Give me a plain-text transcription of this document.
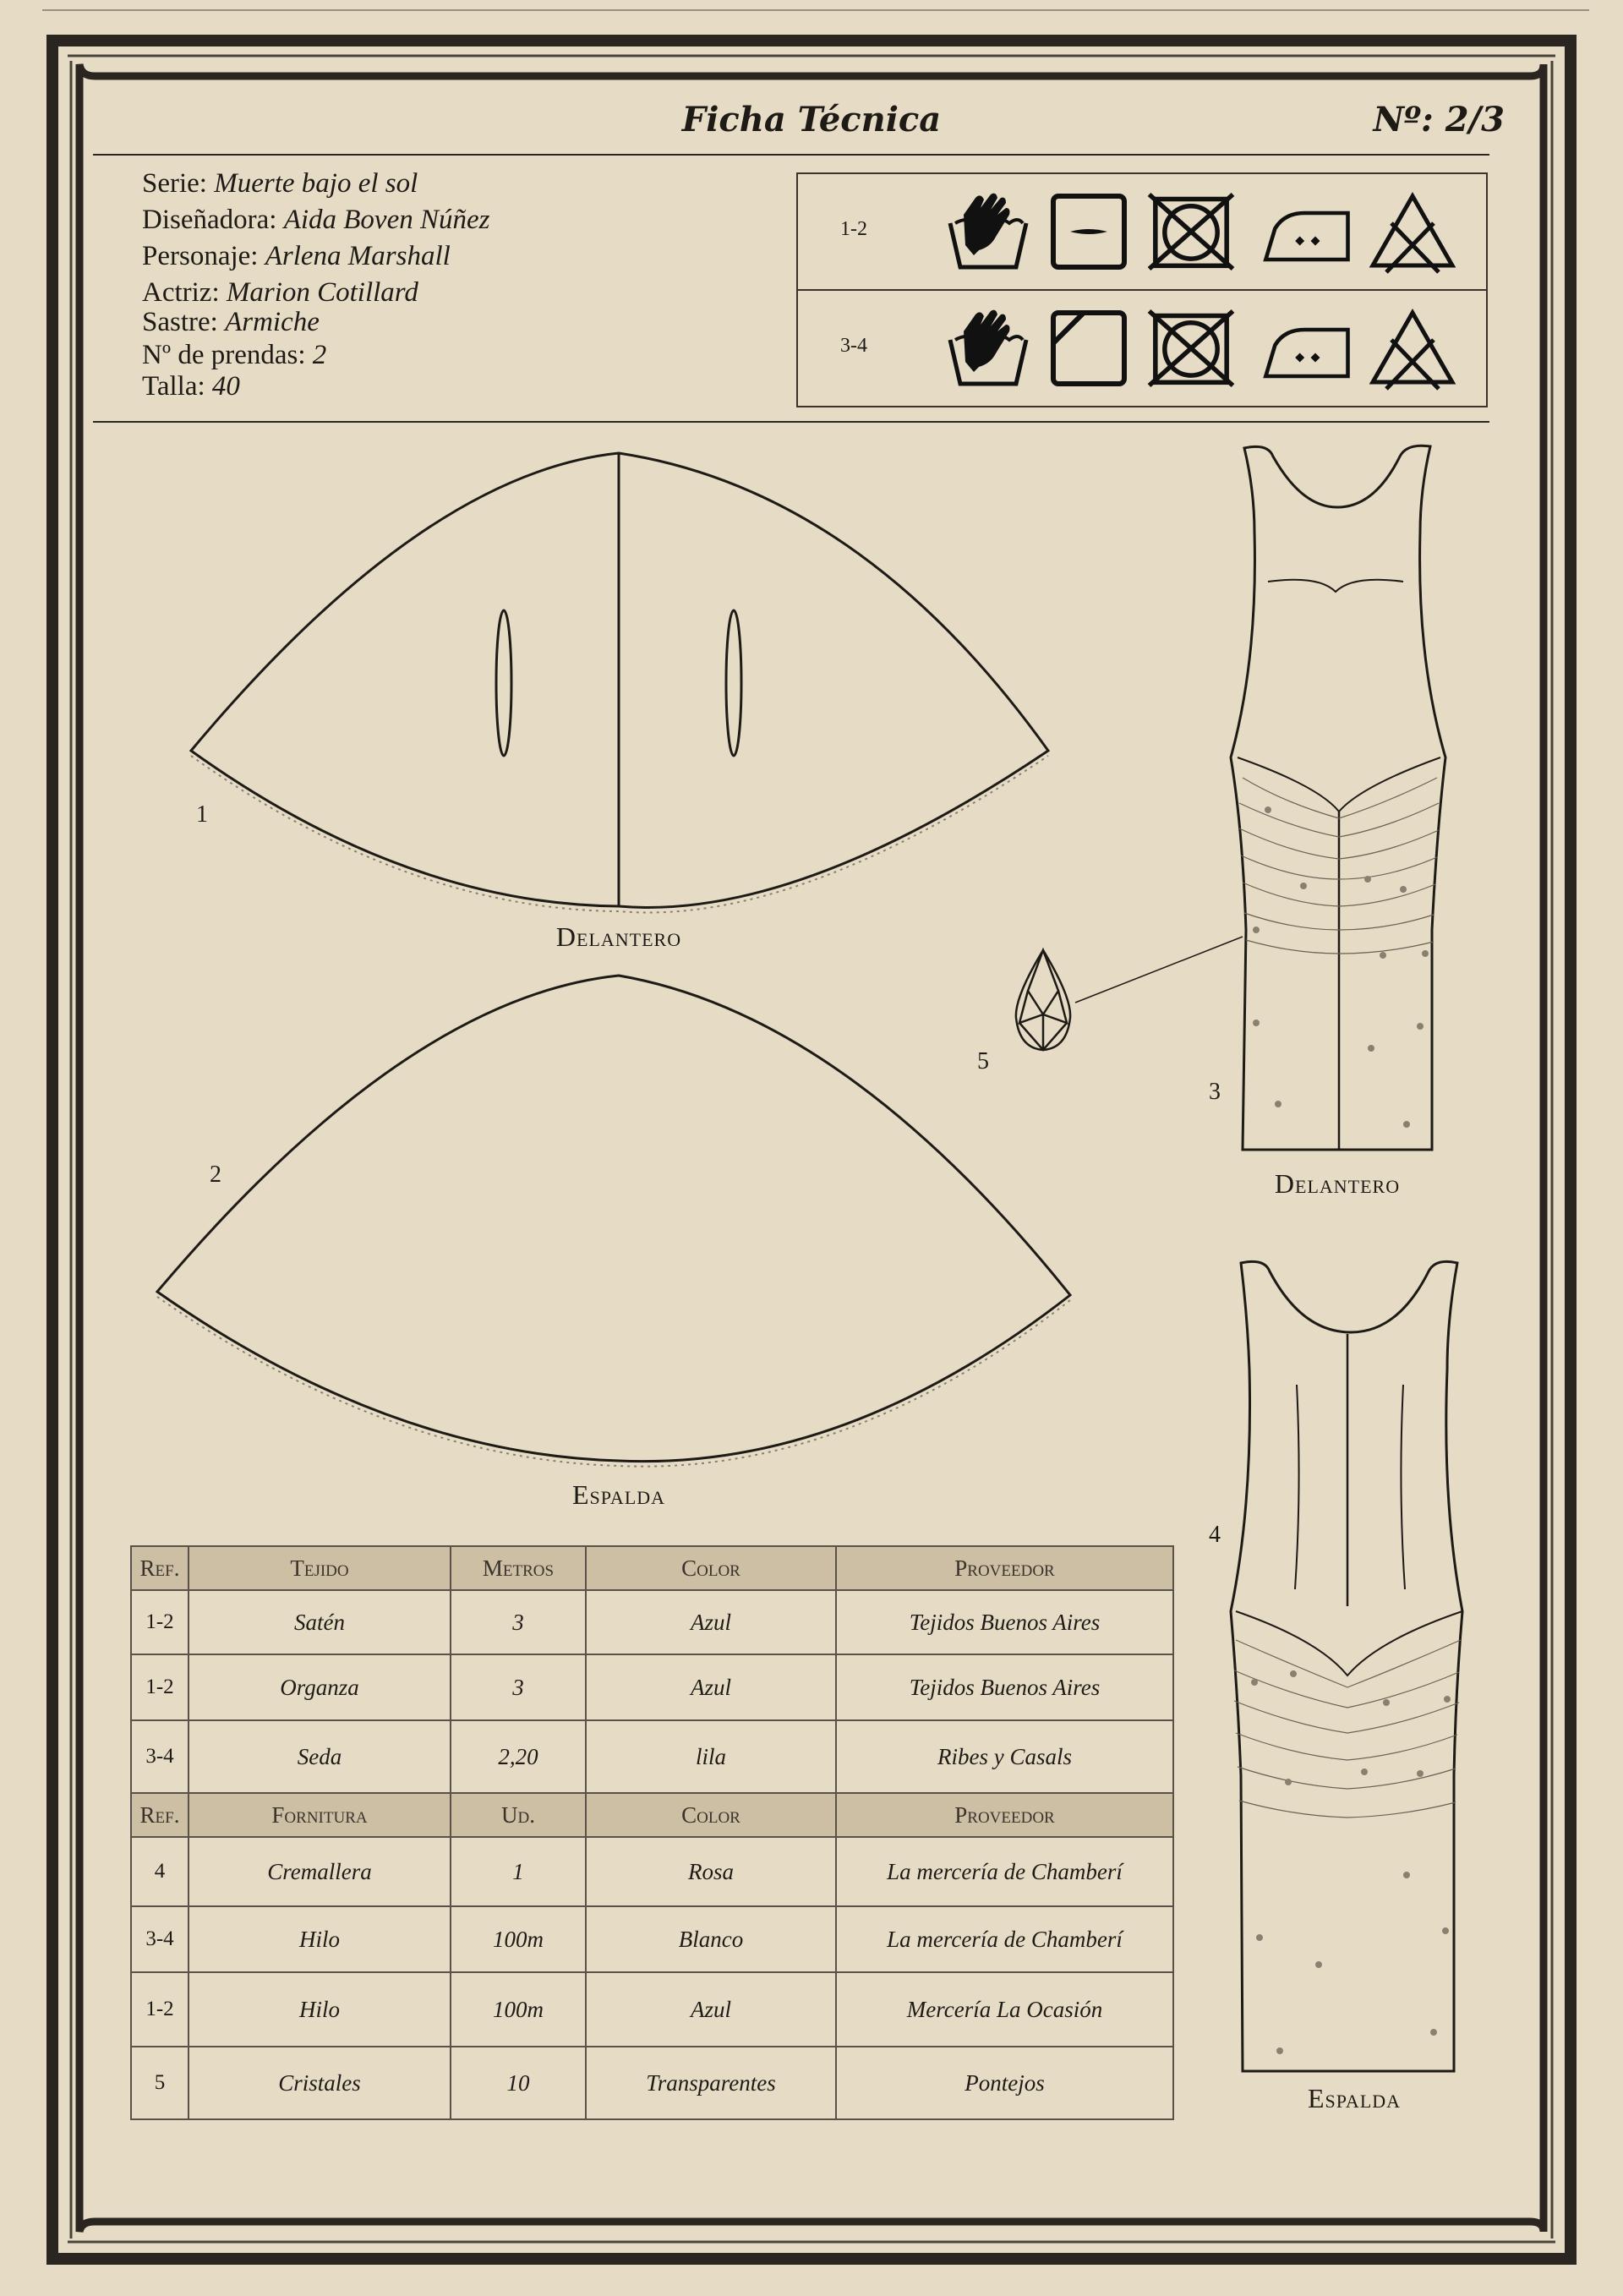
Ficha Técnica	Nº: 2/3
Serie: Muerte bajo el sol
Diseñadora: Aida Boven Núñez
Personaje: Arlena Marshall
Actriz: Marion Cotillard
Sastre: Armiche
Nº de prendas: 2
Talla: 40
1-2
3-4
1
Delantero
2
Espalda
5
3
Delantero
4
Espalda
Ref.	Tejido	Metros	Color	Proveedor
1-2	Satén	3	Azul	Tejidos Buenos Aires
1-2	Organza	3	Azul	Tejidos Buenos Aires
3-4	Seda	2,20	lila	Ribes y Casals
Ref.	Fornitura	Ud.	Color	Proveedor
4	Cremallera	1	Rosa	La mercería de Chamberí
3-4	Hilo	100m	Blanco	La mercería de Chamberí
1-2	Hilo	100m	Azul	Mercería La Ocasión
5	Cristales	10	Transparentes	Pontejos
